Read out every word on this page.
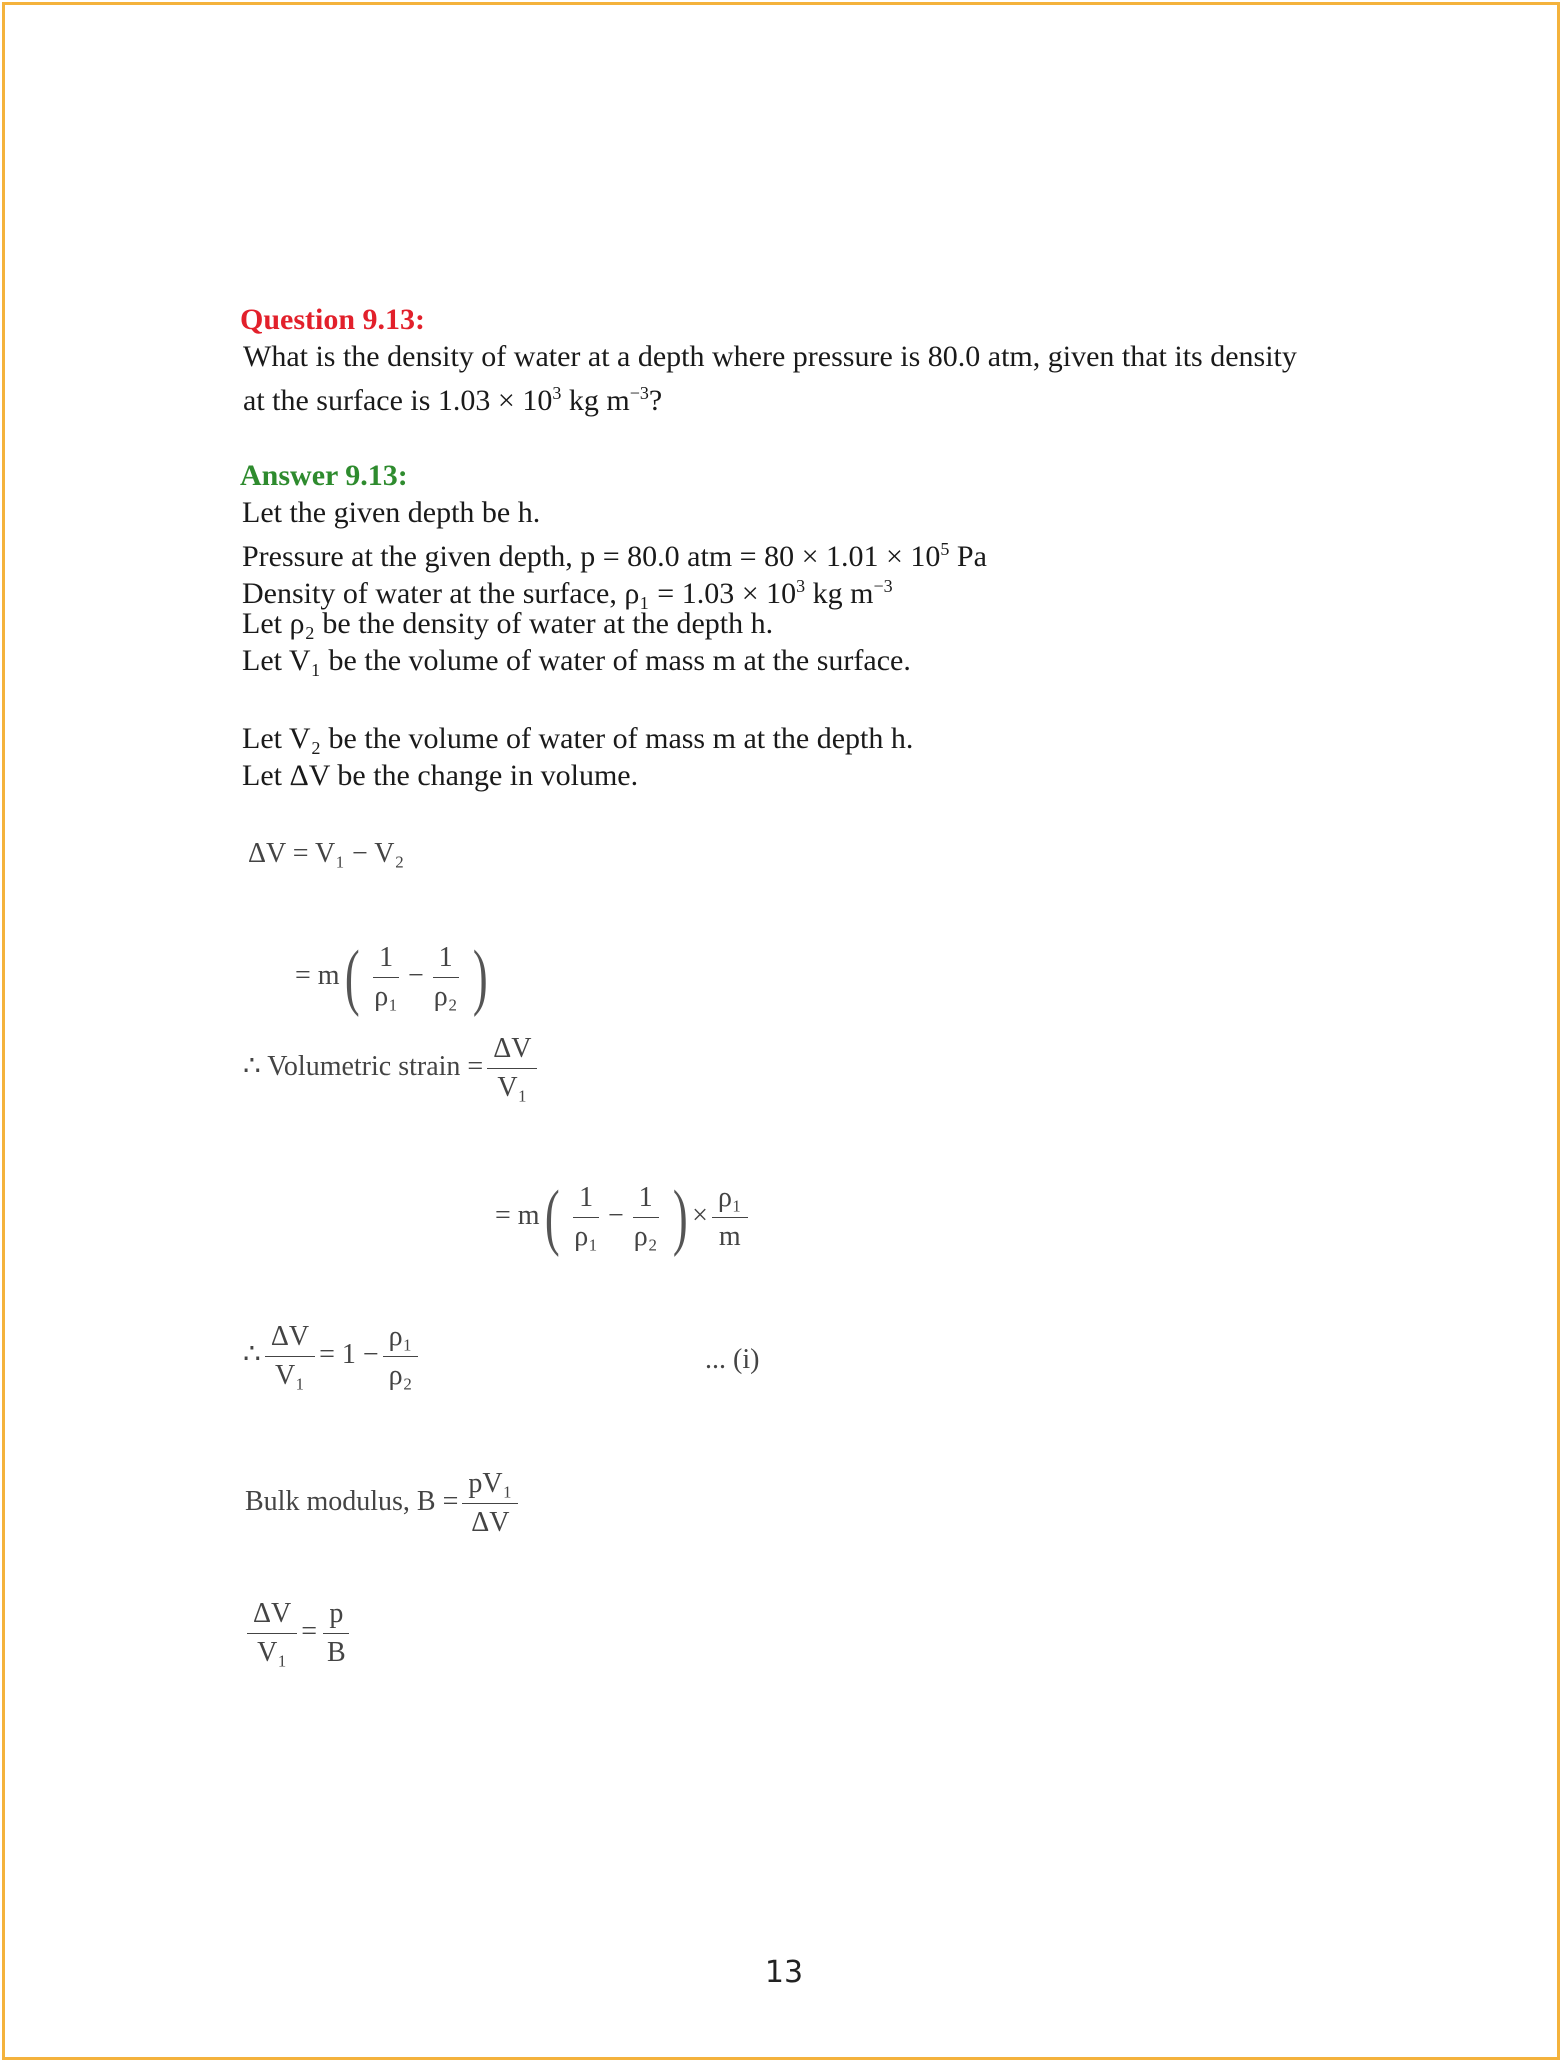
Question 9.13:
What is the density of water at a depth where pressure is 80.0 atm, given that its density
at the surface is $1.03 \times 10^3$ kg $m^{-3}$?
Answer 9.13:
Let the given depth be h.
Pressure at the given depth, p = 80.0 atm = $80 \times 1.01 \times 10^5$ Pa
Density of water at the surface, $\rho_1 = 1.03 \times 10^3$ kg $m^{-3}$
Let ρ₂ be the density of water at the depth h.
Let V₁ be the volume of water of mass m at the surface.
Let V₂ be the volume of water of mass m at the depth h.
Let ΔV be the change in volume.
ΔV = V₁ − V₂
= $m( \frac{1}{\text{ρ₁}} - \frac{1}{\text{ρ₂}}$ )
∴ Volumetric strain = $\frac{\Delta V}{\text{V₁}}$
= $m( \frac{1}{\text{ρ₁}} - \frac{1}{\text{ρ₂}}$ ) × $\frac{\text{ρ₁}}{m}$
∴ $\frac{\Delta V}{\text{V₁}} = 1 - \frac{\text{ρ₁}}{\text{ρ₂}}$	... (i)
Bulk modulus, $B = \frac{\text{pV₁}}{\Delta V}$
$\frac{\Delta V}{\text{V₁}} = \frac{p}{B}$
13
